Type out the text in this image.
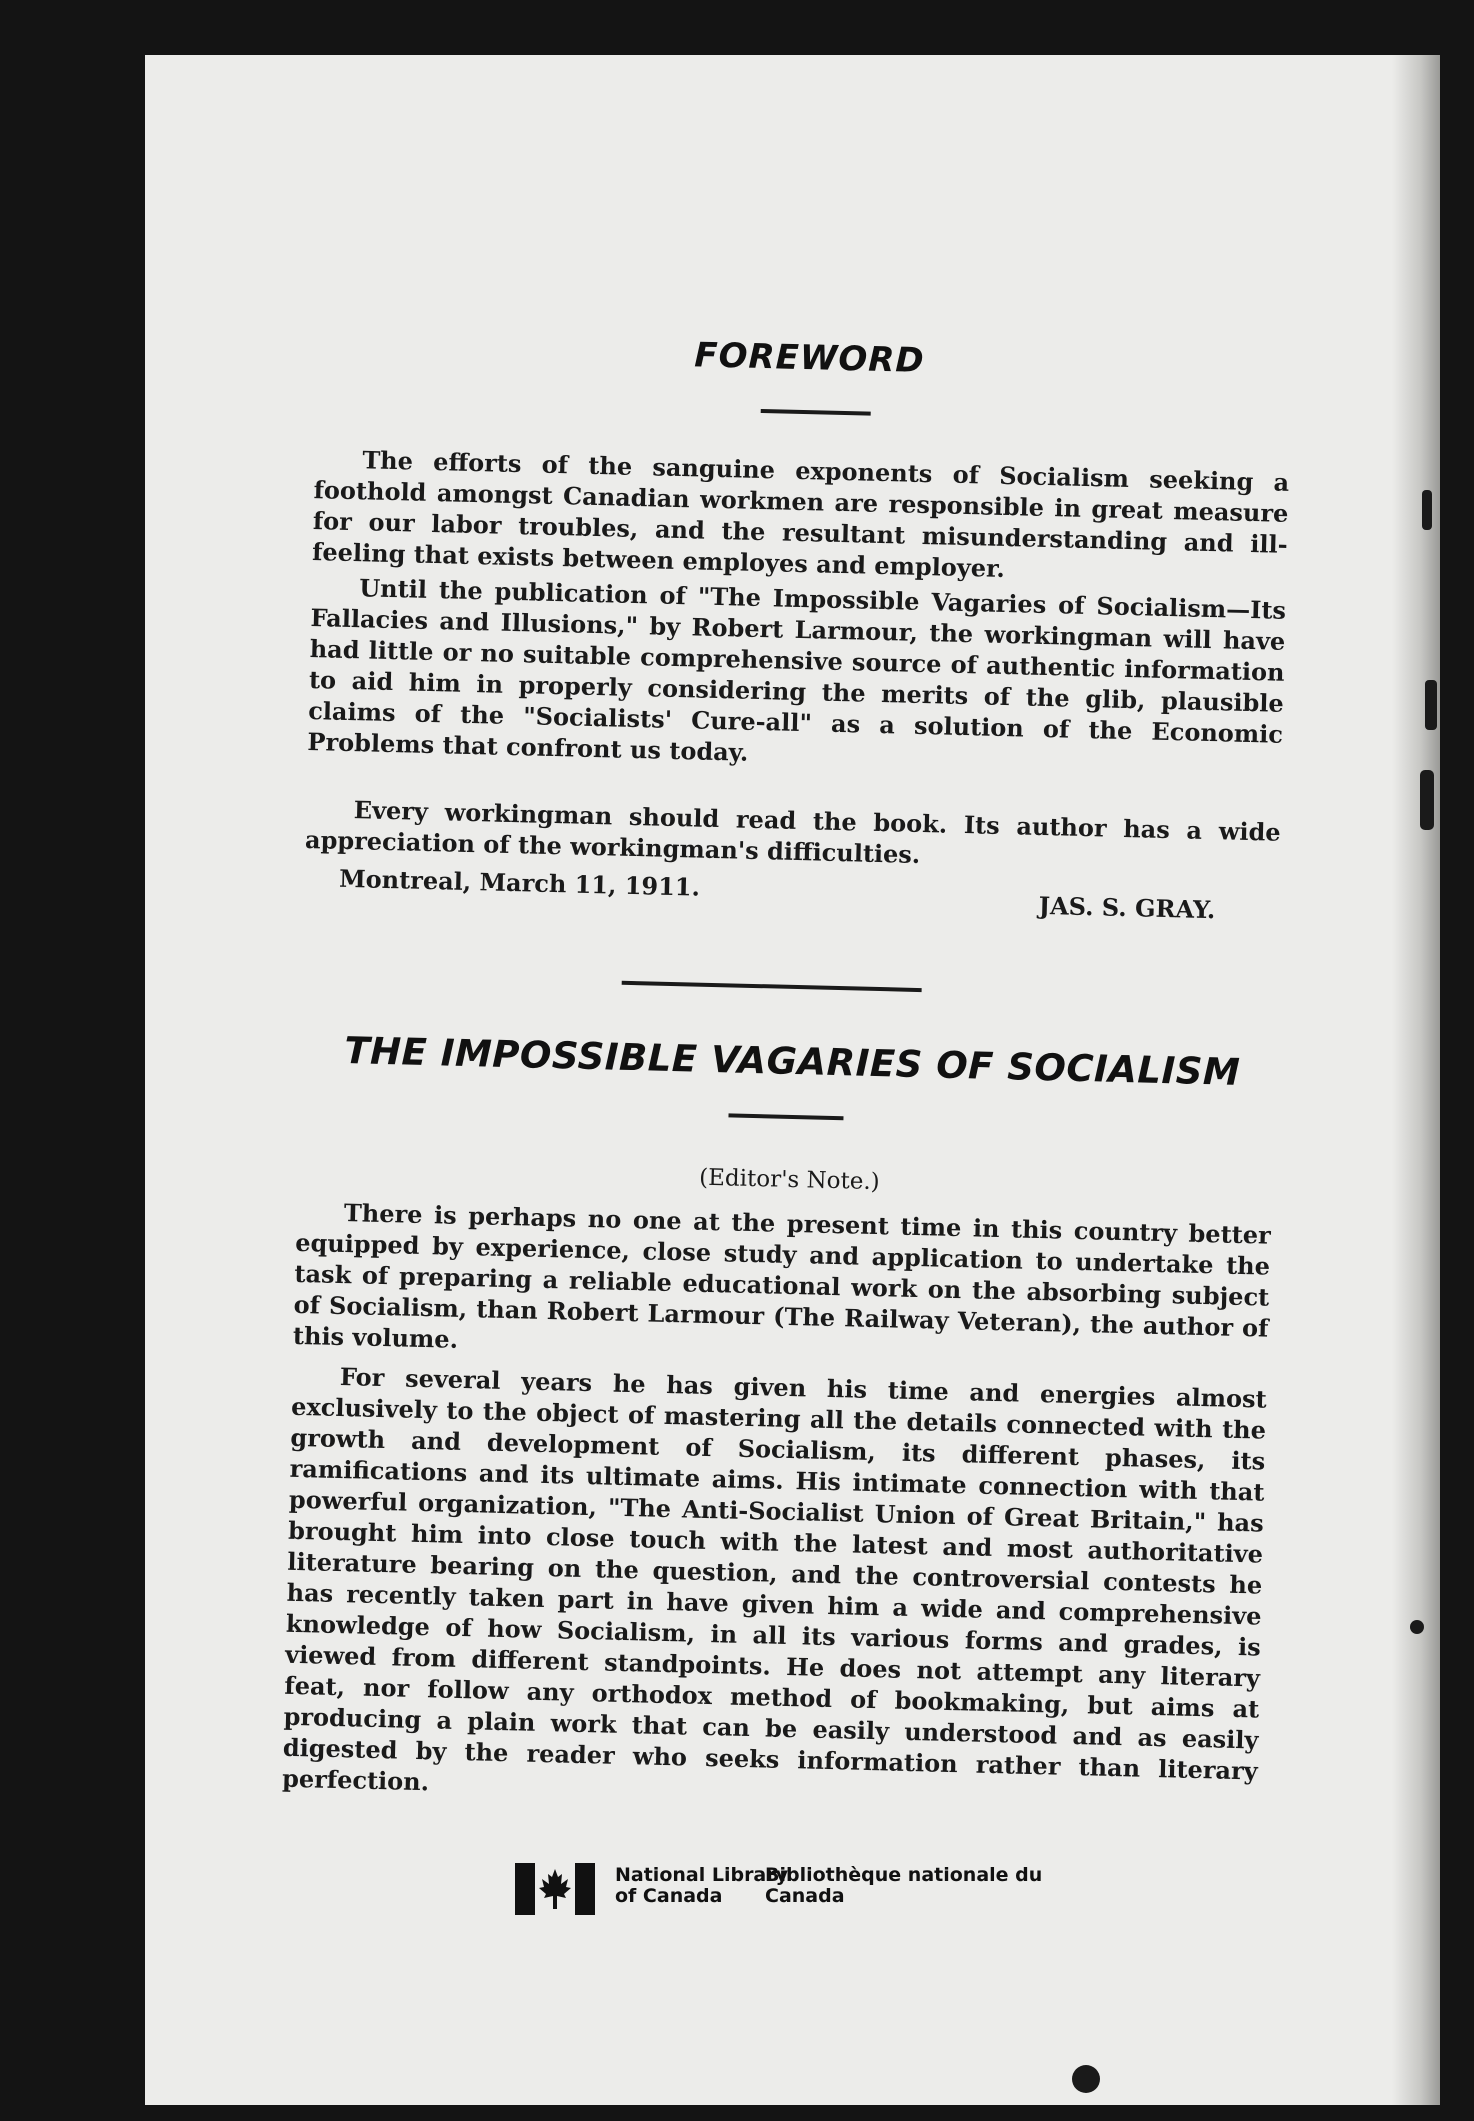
FOREWORD

The efforts of the sanguine exponents of Socialism seeking a foothold amongst Canadian workmen are responsible in great measure for our labor troubles, and the resultant misunderstanding and ill-feeling that exists between employes and employer.

Until the publication of "The Impossible Vagaries of Socialism—Its Fallacies and Illusions," by Robert Larmour, the workingman will have had little or no suitable comprehensive source of authentic information to aid him in properly considering the merits of the glib, plausible claims of the "Socialists' Cure-all" as a solution of the Economic Problems that confront us today.

Every workingman should read the book. Its author has a wide appreciation of the workingman's difficulties.

Montreal, March 11, 1911.

JAS. S. GRAY.

THE IMPOSSIBLE VAGARIES OF SOCIALISM

(Editor's Note.)

There is perhaps no one at the present time in this country better equipped by experience, close study and application to undertake the task of preparing a reliable educational work on the absorbing subject of Socialism, than Robert Larmour (The Railway Veteran), the author of this volume.

For several years he has given his time and energies almost exclusively to the object of mastering all the details connected with the growth and development of Socialism, its different phases, its ramifications and its ultimate aims. His intimate connection with that powerful organization, "The Anti-Socialist Union of Great Britain," has brought him into close touch with the latest and most authoritative literature bearing on the question, and the controversial contests he has recently taken part in have given him a wide and comprehensive knowledge of how Socialism, in all its various forms and grades, is viewed from different standpoints. He does not attempt any literary feat, nor follow any orthodox method of bookmaking, but aims at producing a plain work that can be easily understood and as easily digested by the reader who seeks information rather than literary perfection.

National Library of Canada

Bibliothèque nationale du Canada
